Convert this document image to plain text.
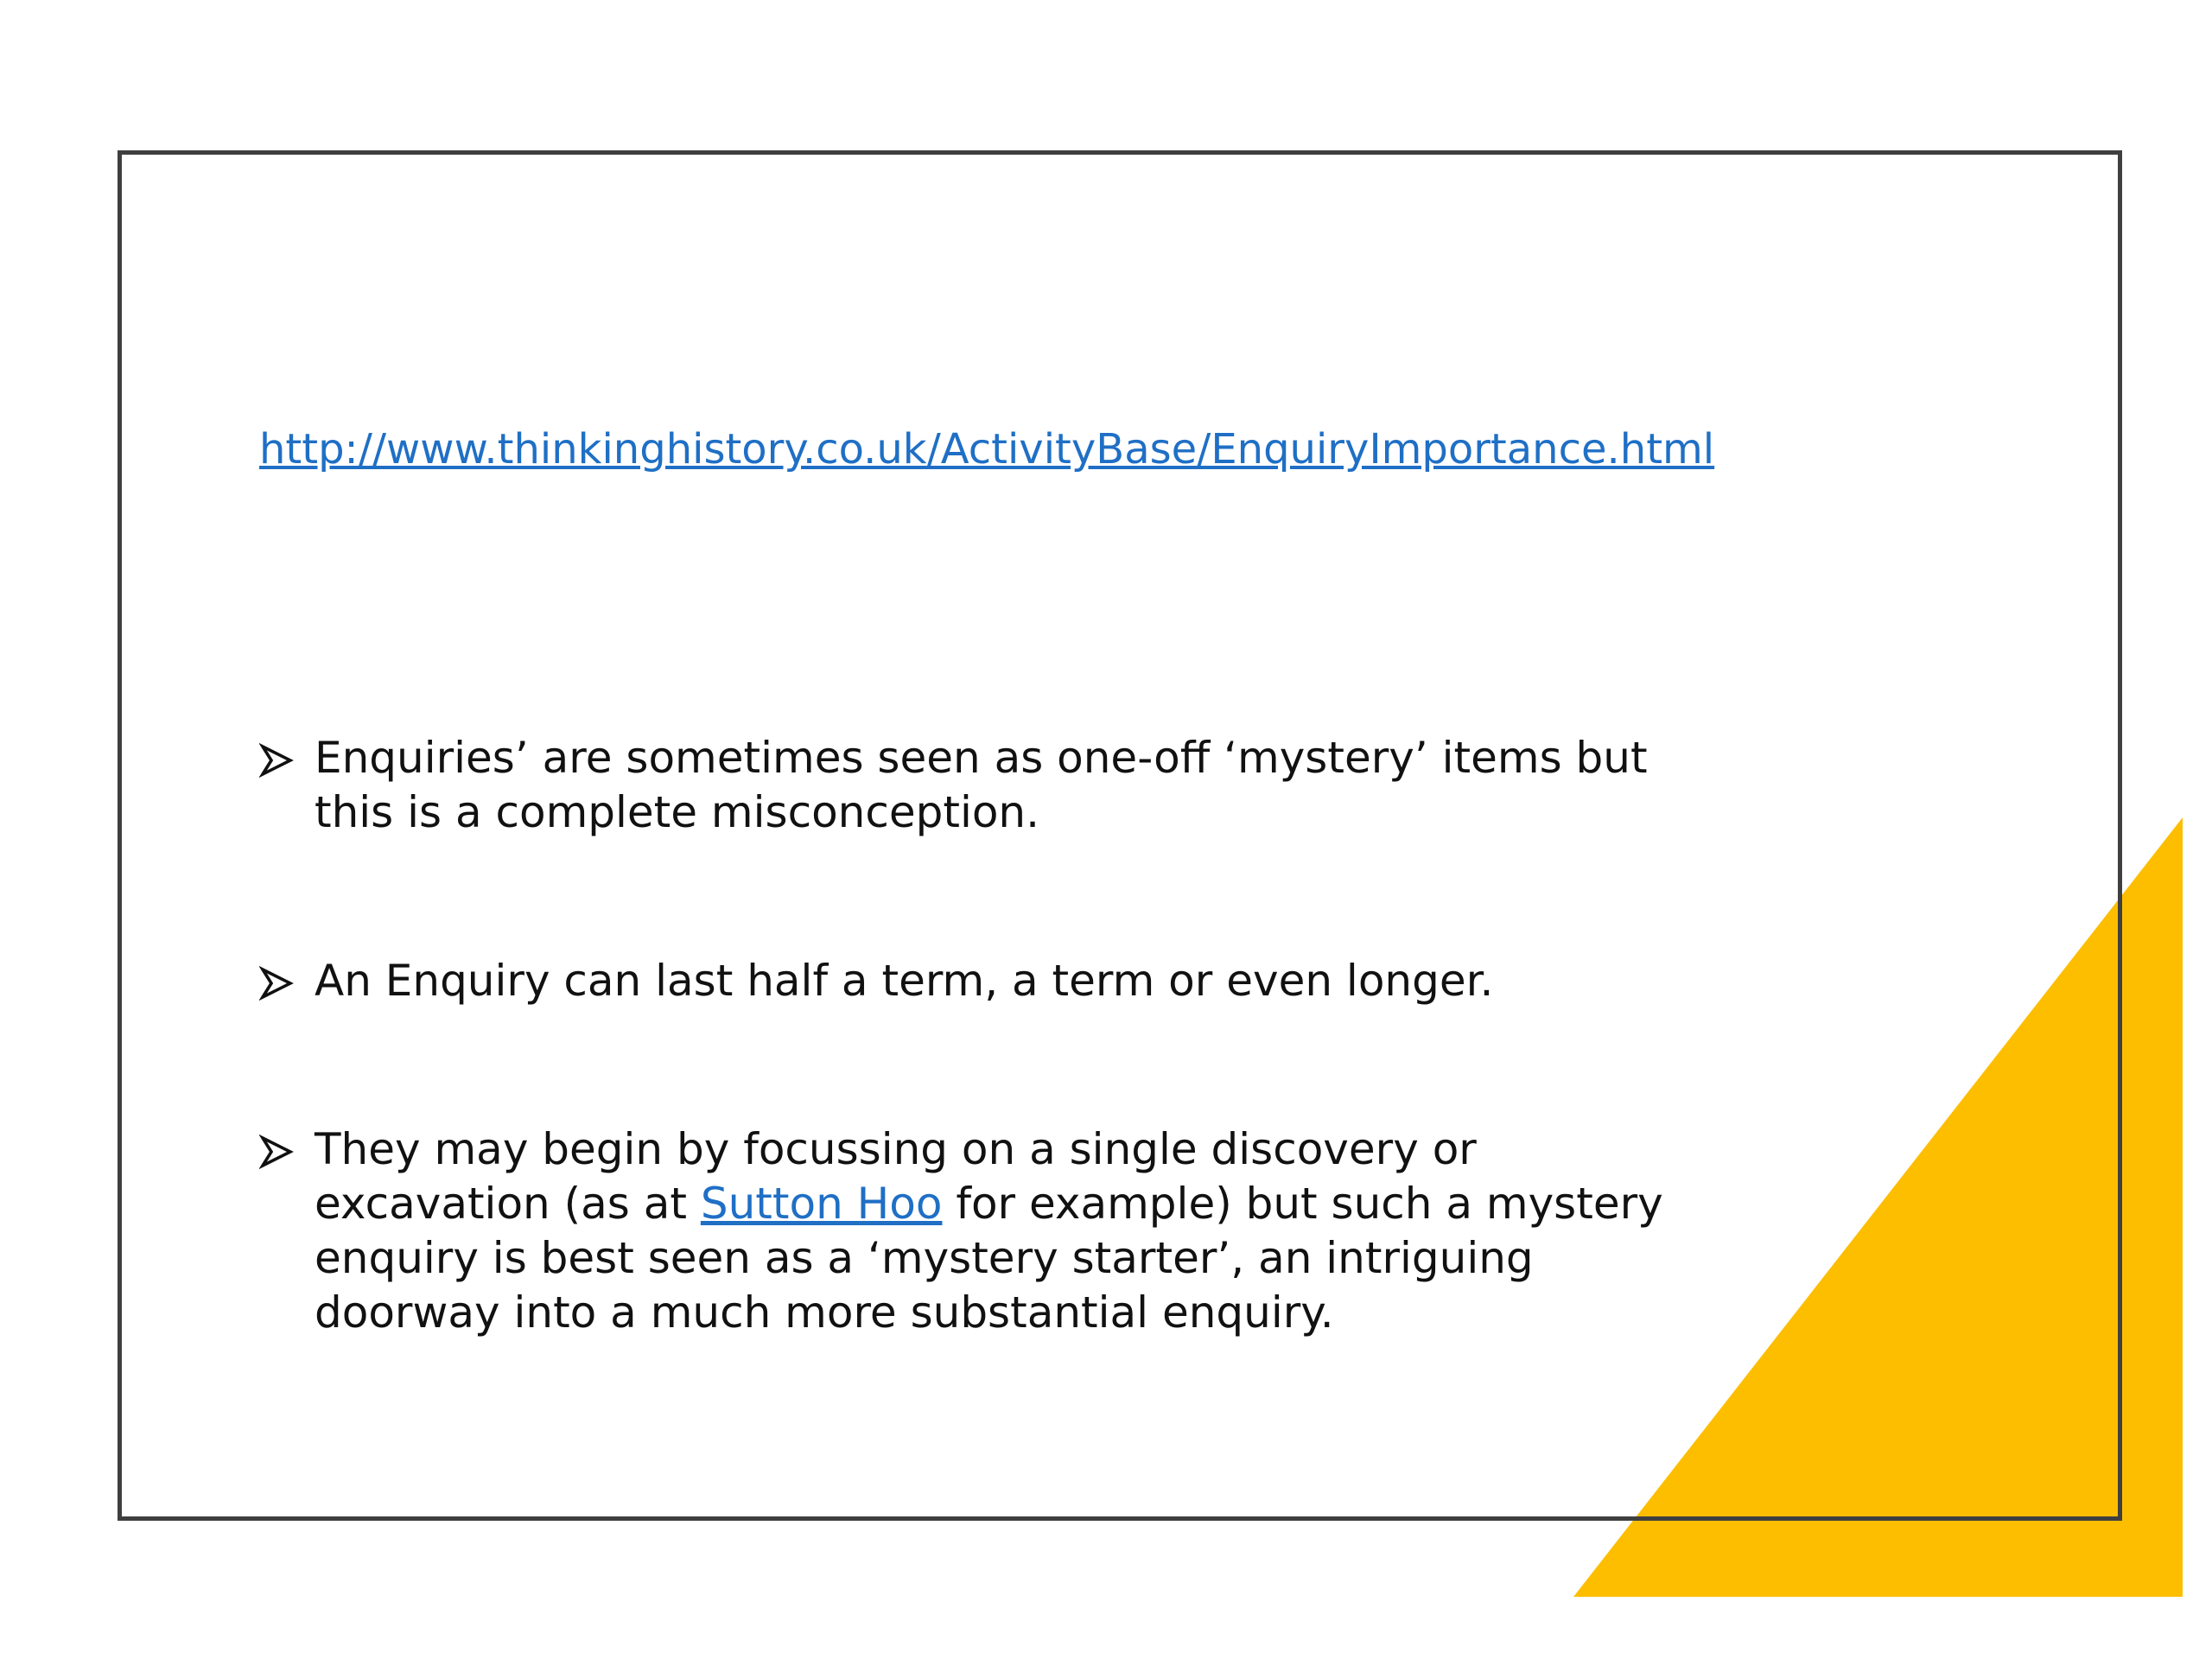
http://www.thinkinghistory.co.uk/ActivityBase/EnquiryImportance.html
Enquiries’ are sometimes seen as one-off ‘mystery’ items but this is a complete misconception.
An Enquiry can last half a term, a term or even longer.
They may begin by focussing on a single discovery or excavation (as at Sutton Hoo for example) but such a mystery enquiry is best seen as a ‘mystery starter’, an intriguing doorway into a much more substantial enquiry.
